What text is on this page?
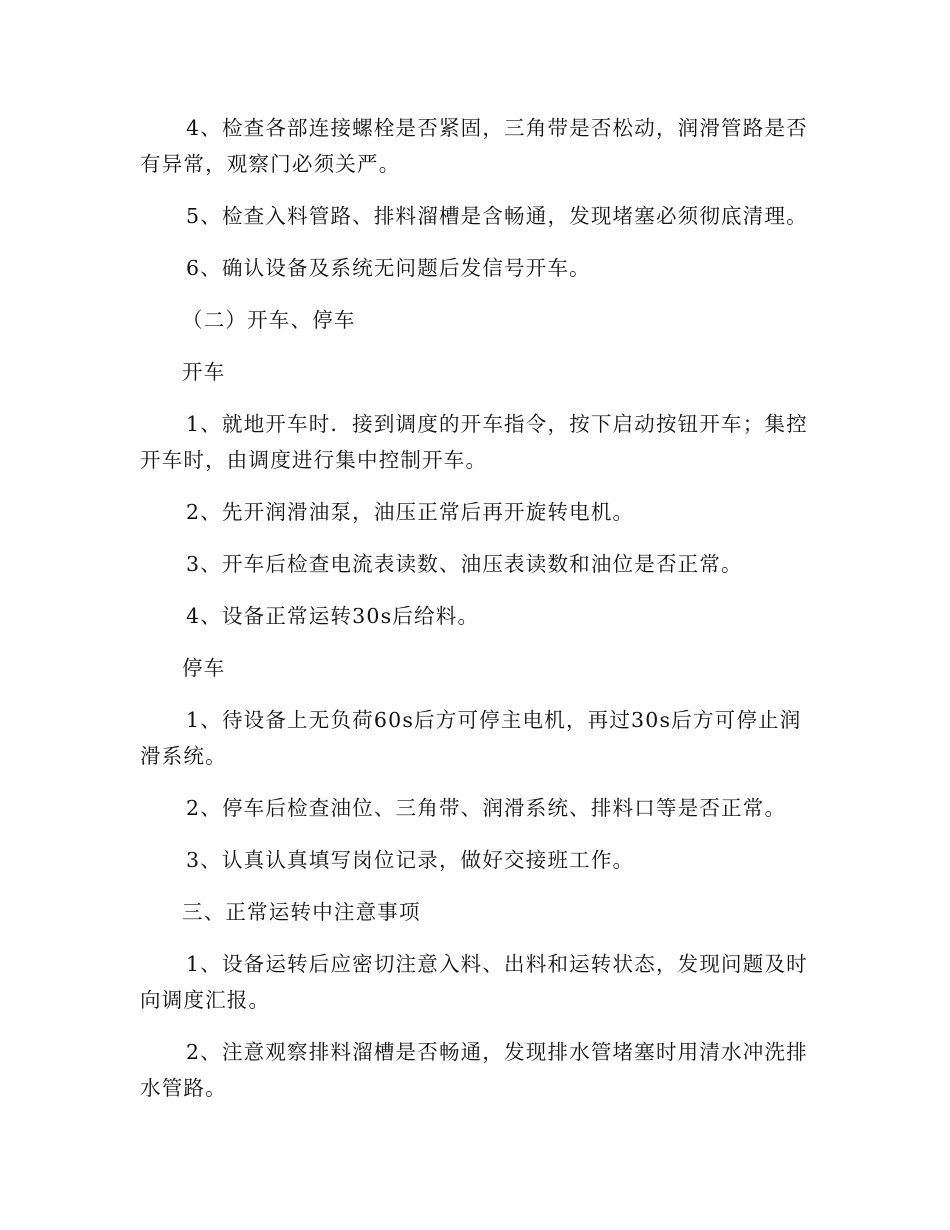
4、检查各部连接螺栓是否紧固，三角带是否松动，润滑管路是否有异常，观察门必须关严。

5、检查入料管路、排料溜槽是含畅通，发现堵塞必须彻底清理。

6、确认设备及系统无问题后发信号开车。

（二）开车、停车

开车

1、就地开车时．接到调度的开车指令，按下启动按钮开车；集控开车时，由调度进行集中控制开车。

2、先开润滑油泵，油压正常后再开旋转电机。

3、开车后检查电流表读数、油压表读数和油位是否正常。

4、设备正常运转30s后给料。

停车

1、待设备上无负荷60s后方可停主电机，再过30s后方可停止润滑系统。

2、停车后检查油位、三角带、润滑系统、排料口等是否正常。

3、认真认真填写岗位记录，做好交接班工作。

三、正常运转中注意事项

1、设备运转后应密切注意入料、出料和运转状态，发现问题及时向调度汇报。

2、注意观察排料溜槽是否畅通，发现排水管堵塞时用清水冲洗排水管路。
